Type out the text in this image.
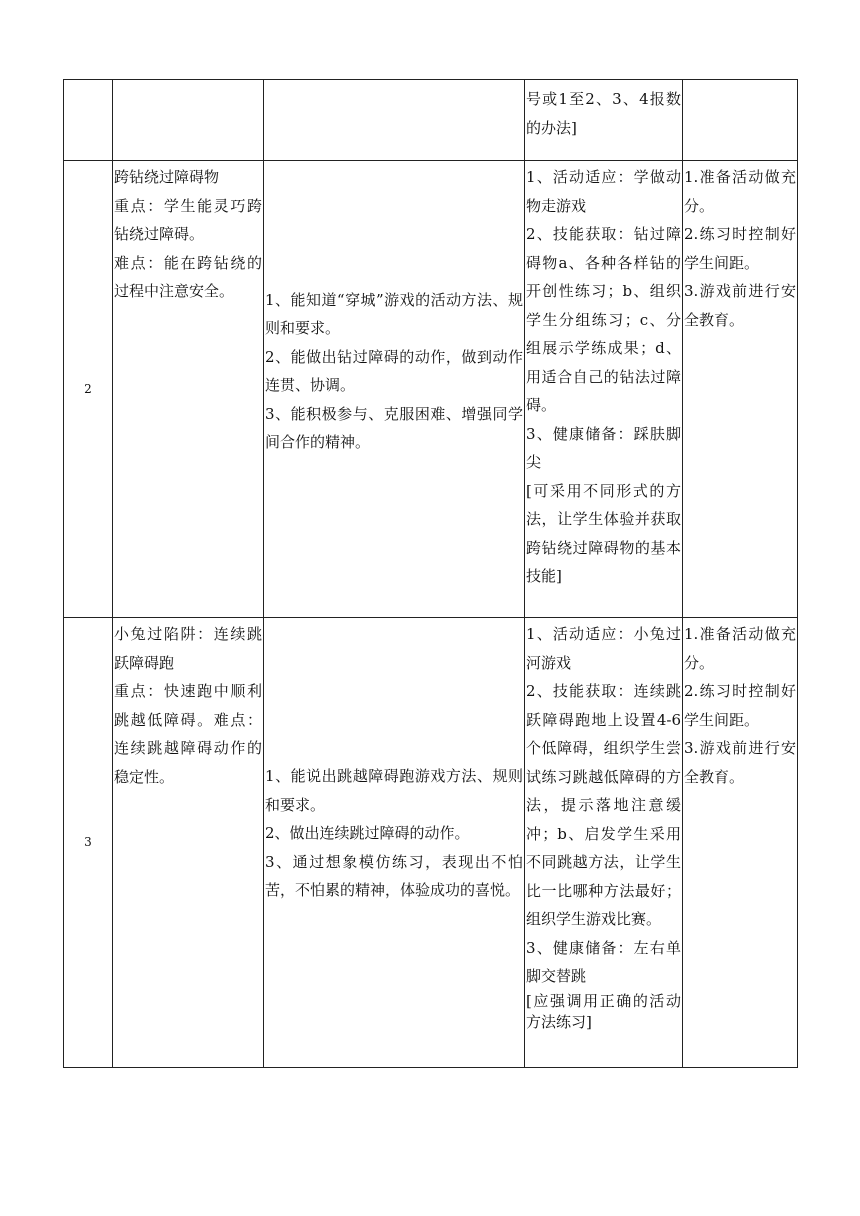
			号或1至2、3、4报数的办法]	

2	跨钻绕过障碍物
重点：学生能灵巧跨钻绕过障碍。
难点：能在跨钻绕的过程中注意安全。	1、能知道“穿城”游戏的活动方法、规则和要求。
2、能做出钻过障碍的动作，做到动作连贯、协调。
3、能积极参与、克服困难、增强同学间合作的精神。	1、活动适应：学做动物走游戏
2、技能获取：钻过障碍物a、各种各样钻的开创性练习；b、组织学生分组练习；c、分组展示学练成果；d、用适合自己的钻法过障碍。
3、健康储备：踩肤脚尖
[可采用不同形式的方法，让学生体验并获取跨钻绕过障碍物的基本技能]	1.准备活动做充分。
2.练习时控制好学生间距。
3.游戏前进行安全教育。

3	小兔过陷阱：连续跳跃障碍跑
重点：快速跑中顺利跳越低障碍。难点：连续跳越障碍动作的稳定性。	1、能说出跳越障碍跑游戏方法、规则和要求。
2、做出连续跳过障碍的动作。
3、通过想象模仿练习，表现出不怕苦，不怕累的精神，体验成功的喜悦。	1、活动适应：小兔过河游戏
2、技能获取：连续跳跃障碍跑地上设置4-6个低障碍，组织学生尝试练习跳越低障碍的方法，提示落地注意缓冲；b、启发学生采用不同跳越方法，让学生比一比哪种方法最好；组织学生游戏比赛。
3、健康储备：左右单脚交替跳
[应强调用正确的活动方法练习]	1.准备活动做充分。
2.练习时控制好学生间距。
3.游戏前进行安全教育。
